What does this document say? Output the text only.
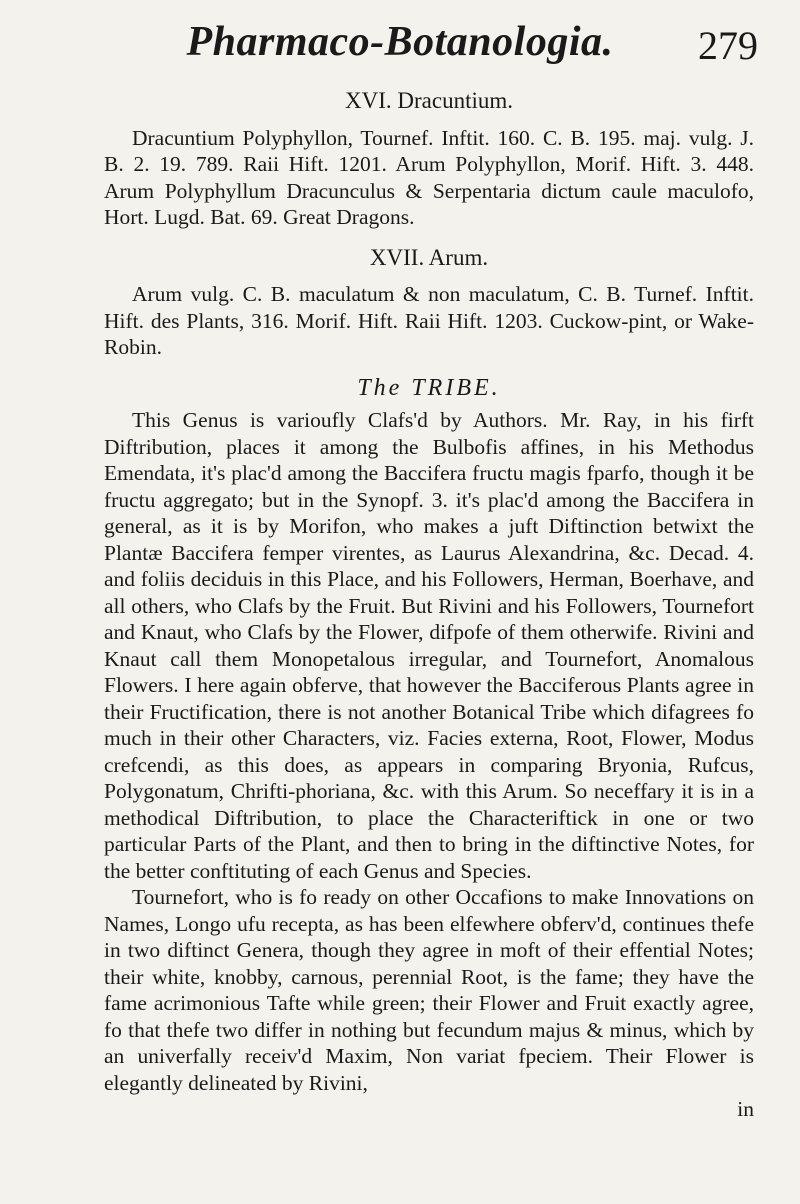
Pharmaco-Botanologia.	279
XVI. Dracuntium.

Dracuntium Polyphyllon, Tournef. Inftit. 160. C. B. 195. maj. vulg. J. B. 2. 19. 789. Raii Hift. 1201. Arum Polyphyllon, Morif. Hift. 3. 448. Arum Polyphyllum Dracunculus & Serpentaria dictum caule maculofo, Hort. Lugd. Bat. 69. Great Dragons.

XVII. Arum.

Arum vulg. C. B. maculatum & non maculatum, C. B. Turnef. Inftit. Hift. des Plants, 316. Morif. Hift. Raii Hift. 1203. Cuckow-pint, or Wake-Robin.

The TRIBE.

This Genus is varioufly Clafs'd by Authors. Mr. Ray, in his firft Diftribution, places it among the Bulbofis affines, in his Methodus Emendata, it's plac'd among the Baccifera fructu magis fparfo, though it be fructu aggregato; but in the Synopf. 3. it's plac'd among the Baccifera in general, as it is by Morifon, who makes a juft Diftinction betwixt the Plantæ Baccifera femper virentes, as Laurus Alexandrina, &c. Decad. 4. and foliis deciduis in this Place, and his Followers, Herman, Boerhave, and all others, who Clafs by the Fruit. But Rivini and his Followers, Tournefort and Knaut, who Clafs by the Flower, difpofe of them otherwife. Rivini and Knaut call them Monopetalous irregular, and Tournefort, Anomalous Flowers. I here again obferve, that however the Bacciferous Plants agree in their Fructification, there is not another Botanical Tribe which difagrees fo much in their other Characters, viz. Facies externa, Root, Flower, Modus crefcendi, as this does, as appears in comparing Bryonia, Rufcus, Polygonatum, Chrifti-phoriana, &c. with this Arum. So neceffary it is in a methodical Diftribution, to place the Characteriftick in one or two particular Parts of the Plant, and then to bring in the diftinctive Notes, for the better conftituting of each Genus and Species.

Tournefort, who is fo ready on other Occafions to make Innovations on Names, Longo ufu recepta, as has been elfewhere obferv'd, continues thefe in two diftinct Genera, though they agree in moft of their effential Notes; their white, knobby, carnous, perennial Root, is the fame; they have the fame acrimonious Tafte while green; their Flower and Fruit exactly agree, fo that thefe two differ in nothing but fecundum majus & minus, which by an univerfally receiv'd Maxim, Non variat fpeciem. Their Flower is elegantly delineated by Rivini,

in
